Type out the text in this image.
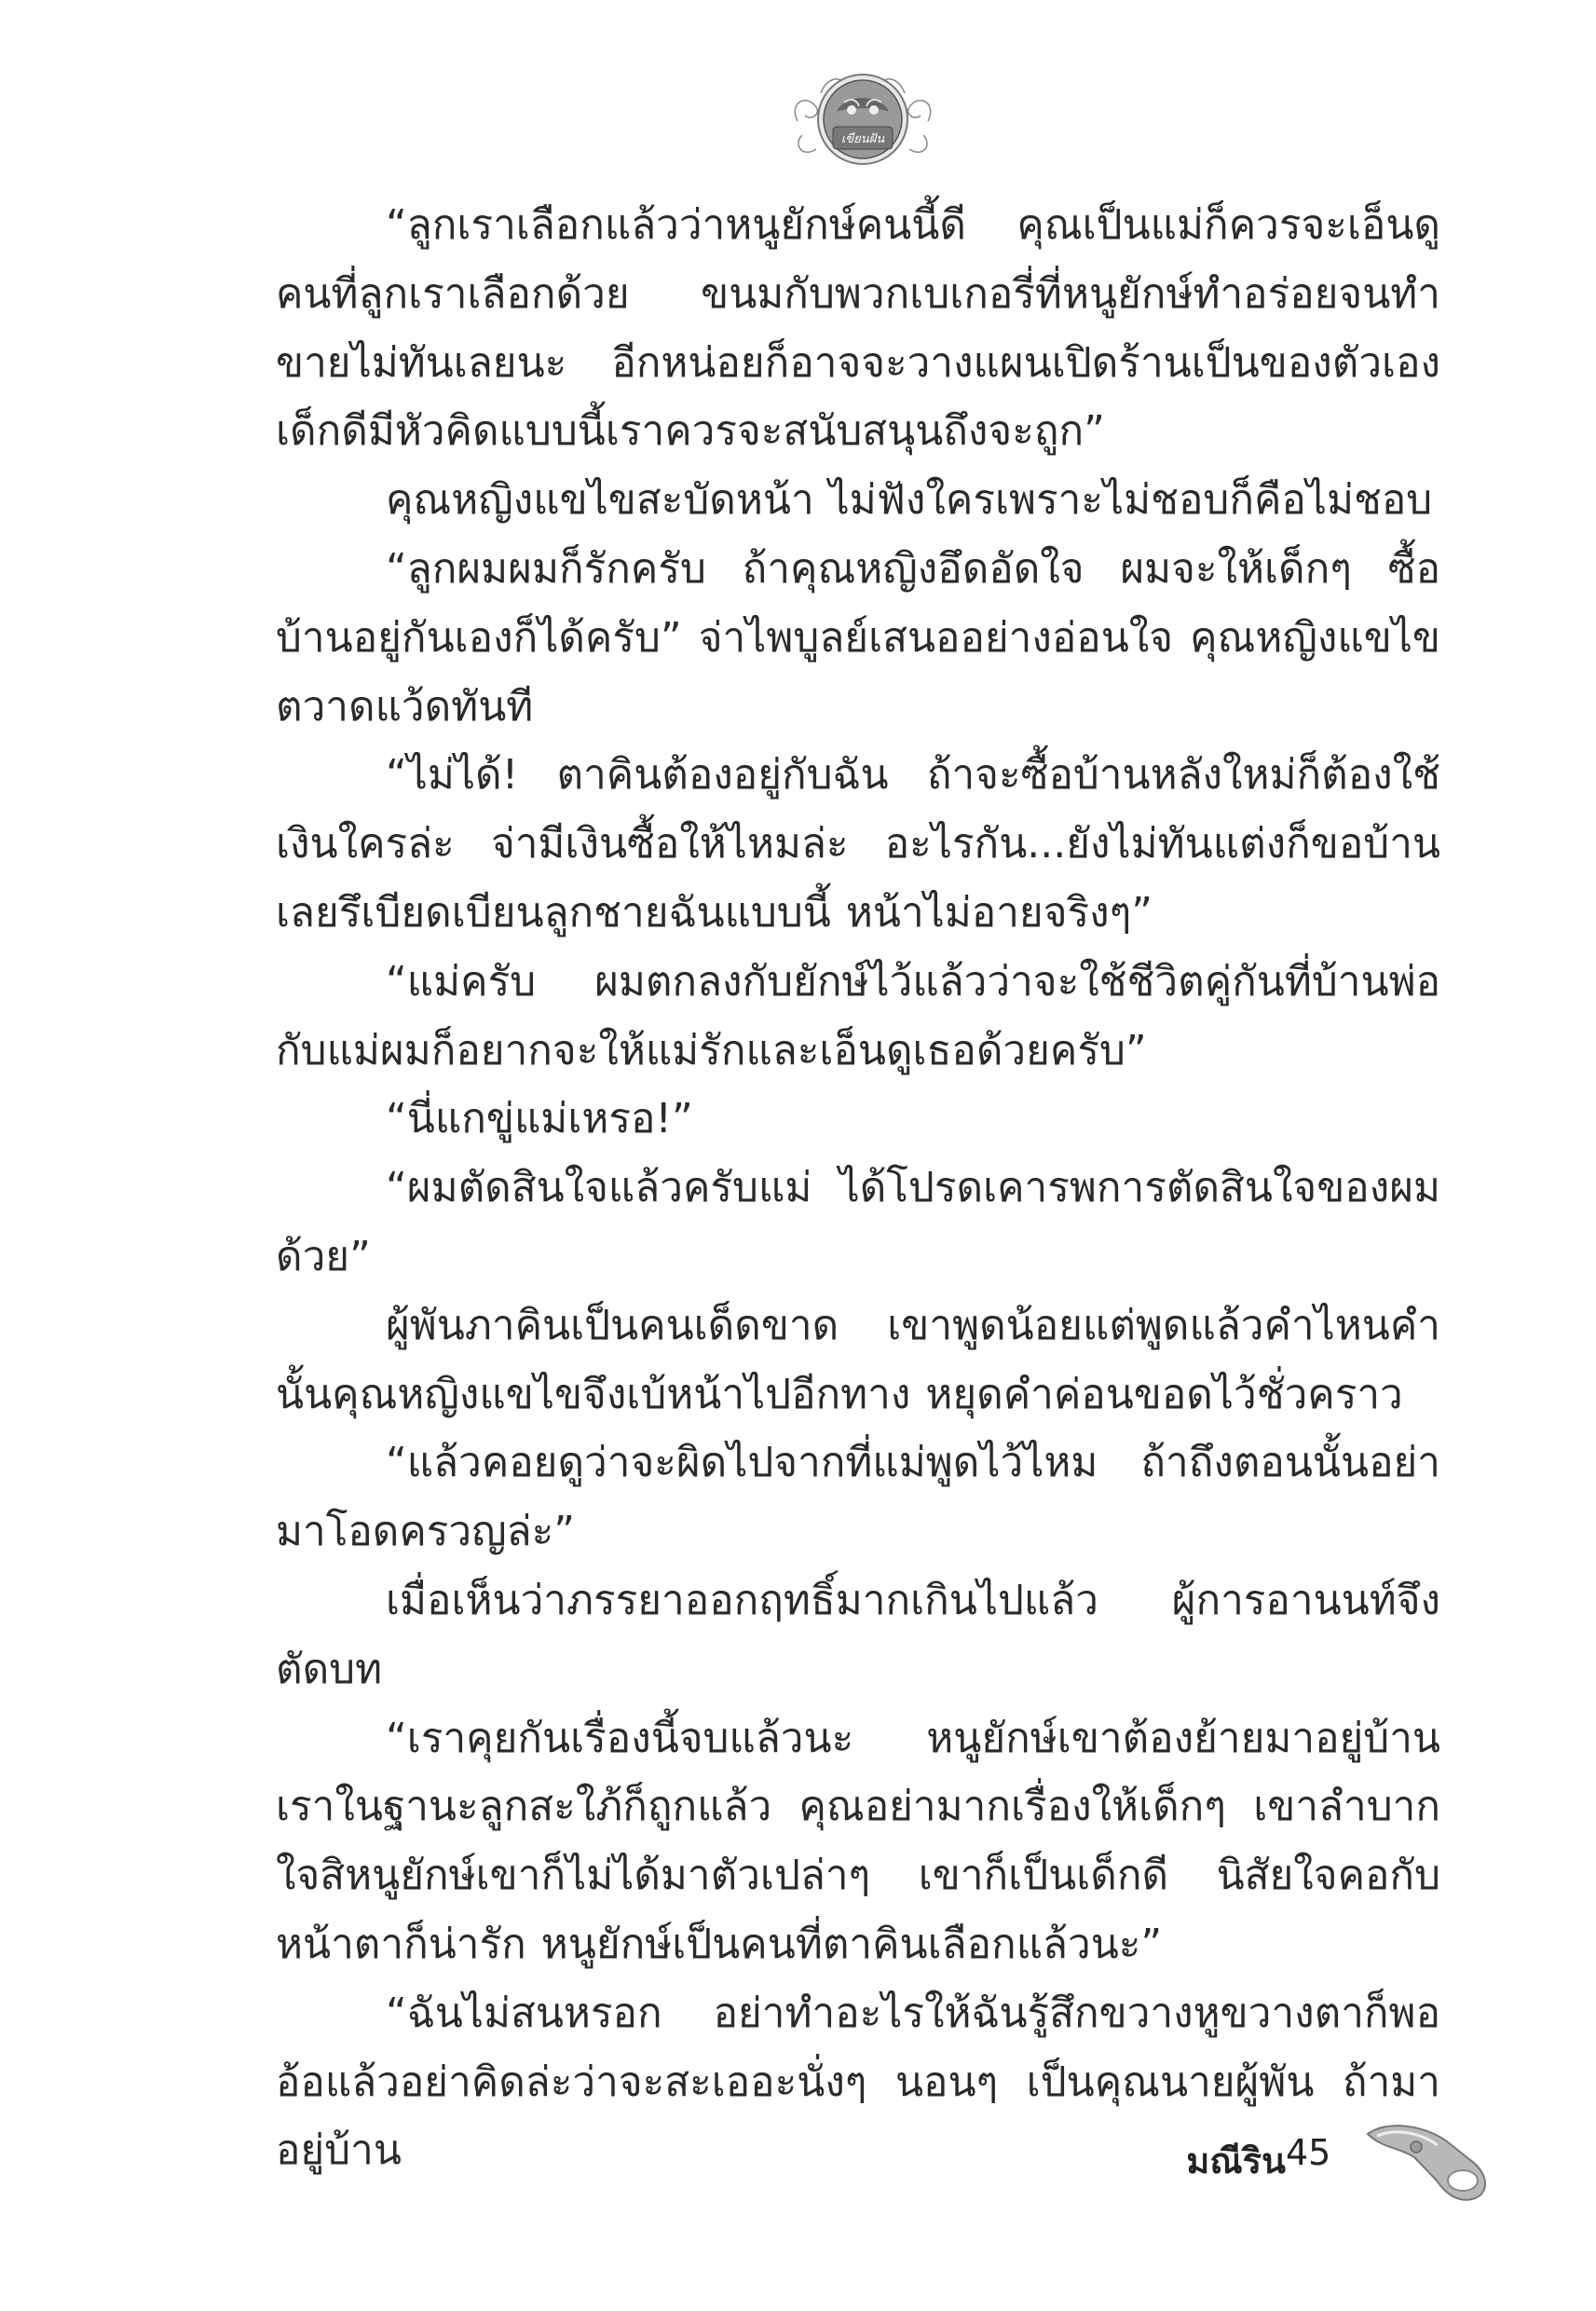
เขียนฝัน

“ลูกเราเลือกแล้วว่าหนูยักษ์คนนี้ดี คุณเป็นแม่ก็ควรจะเอ็นดูคนที่ลูกเราเลือกด้วย ขนมกับพวกเบเกอรี่ที่หนูยักษ์ทำอร่อยจนทำขายไม่ทันเลยนะ อีกหน่อยก็อาจจะวางแผนเปิดร้านเป็นของตัวเอง เด็กดีมีหัวคิดแบบนี้เราควรจะสนับสนุนถึงจะถูก”

คุณหญิงแขไขสะบัดหน้า ไม่ฟังใครเพราะไม่ชอบก็คือไม่ชอบ

“ลูกผมผมก็รักครับ ถ้าคุณหญิงอึดอัดใจ ผมจะให้เด็กๆ ซื้อบ้านอยู่กันเองก็ได้ครับ” จ่าไพบูลย์เสนออย่างอ่อนใจ คุณหญิงแขไขตวาดแว้ดทันที

“ไม่ได้! ตาคินต้องอยู่กับฉัน ถ้าจะซื้อบ้านหลังใหม่ก็ต้องใช้เงินใครล่ะ จ่ามีเงินซื้อให้ไหมล่ะ อะไรกัน...ยังไม่ทันแต่งก็ขอบ้านเลยรึเบียดเบียนลูกชายฉันแบบนี้ หน้าไม่อายจริงๆ”

“แม่ครับ ผมตกลงกับยักษ์ไว้แล้วว่าจะใช้ชีวิตคู่กันที่บ้านพ่อกับแม่ผมก็อยากจะให้แม่รักและเอ็นดูเธอด้วยครับ”

“นี่แกขู่แม่เหรอ!”

“ผมตัดสินใจแล้วครับแม่ ได้โปรดเคารพการตัดสินใจของผมด้วย”

ผู้พันภาคินเป็นคนเด็ดขาด เขาพูดน้อยแต่พูดแล้วคำไหนคำนั้นคุณหญิงแขไขจึงเบ้หน้าไปอีกทาง หยุดคำค่อนขอดไว้ชั่วคราว

“แล้วคอยดูว่าจะผิดไปจากที่แม่พูดไว้ไหม ถ้าถึงตอนนั้นอย่ามาโอดครวญล่ะ”

เมื่อเห็นว่าภรรยาออกฤทธิ์มากเกินไปแล้ว ผู้การอานนท์จึงตัดบท

“เราคุยกันเรื่องนี้จบแล้วนะ หนูยักษ์เขาต้องย้ายมาอยู่บ้านเราในฐานะลูกสะใภ้ก็ถูกแล้ว คุณอย่ามากเรื่องให้เด็กๆ เขาลำบากใจสิหนูยักษ์เขาก็ไม่ได้มาตัวเปล่าๆ เขาก็เป็นเด็กดี นิสัยใจคอกับหน้าตาก็น่ารัก หนูยักษ์เป็นคนที่ตาคินเลือกแล้วนะ”

“ฉันไม่สนหรอก อย่าทำอะไรให้ฉันรู้สึกขวางหูขวางตาก็พอ อ้อแล้วอย่าคิดล่ะว่าจะสะเออะนั่งๆ นอนๆ เป็นคุณนายผู้พัน ถ้ามาอยู่บ้าน	มณีริน 45
